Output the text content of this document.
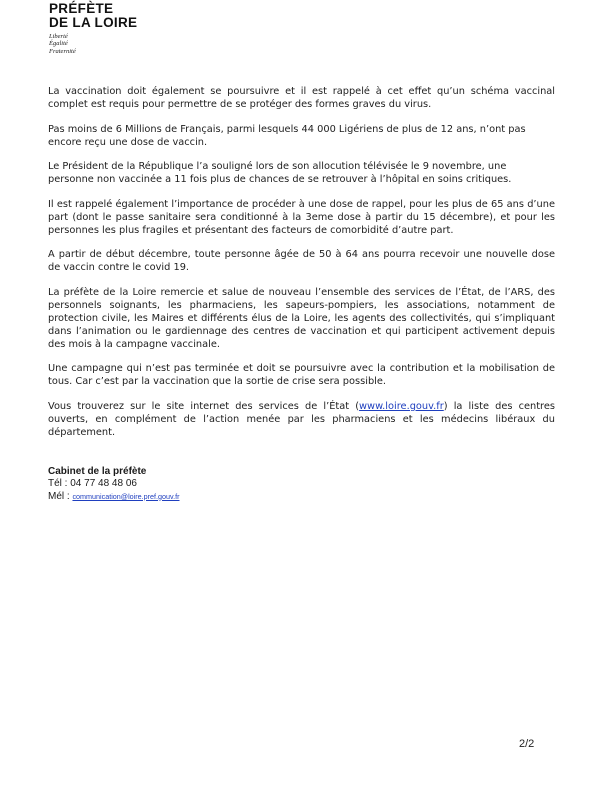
PRÉFÈTE
DE LA LOIRE
Liberté
Égalité
Fraternité

La vaccination doit également se poursuivre et il est rappelé à cet effet qu’un schéma vaccinal complet est requis pour permettre de se protéger des formes graves du virus.

Pas moins de 6 Millions de Français, parmi lesquels 44 000 Ligériens de plus de 12 ans, n’ont pas encore reçu une dose de vaccin.

Le Président de la République l’a souligné lors de son allocution télévisée le 9 novembre, une personne non vaccinée a 11 fois plus de chances de se retrouver à l’hôpital en soins critiques.

Il est rappelé également l’importance de procéder à une dose de rappel, pour les plus de 65 ans d’une part (dont le passe sanitaire sera conditionné à la 3eme dose à partir du 15 décembre), et pour les personnes les plus fragiles et présentant des facteurs de comorbidité d’autre part.

A partir de début décembre, toute personne âgée de 50 à 64 ans pourra recevoir une nouvelle dose de vaccin contre le covid 19.

La préfète de la Loire remercie et salue de nouveau l’ensemble des services de l’État, de l’ARS, des personnels soignants, les pharmaciens, les sapeurs-pompiers, les associations, notamment de protection civile, les Maires et différents élus de la Loire, les agents des collectivités, qui s’impliquant dans l’animation ou le gardiennage des centres de vaccination et qui participent activement depuis des mois à la campagne vaccinale.

Une campagne qui n’est pas terminée et doit se poursuivre avec la contribution et la mobilisation de tous. Car c’est par la vaccination que la sortie de crise sera possible.

Vous trouverez sur le site internet des services de l’État (www.loire.gouv.fr) la liste des centres ouverts, en complément de l’action menée par les pharmaciens et les médecins libéraux du département.

Cabinet de la préfète
Tél : 04 77 48 48 06
Mél : communication@loire.pref.gouv.fr
2/2
